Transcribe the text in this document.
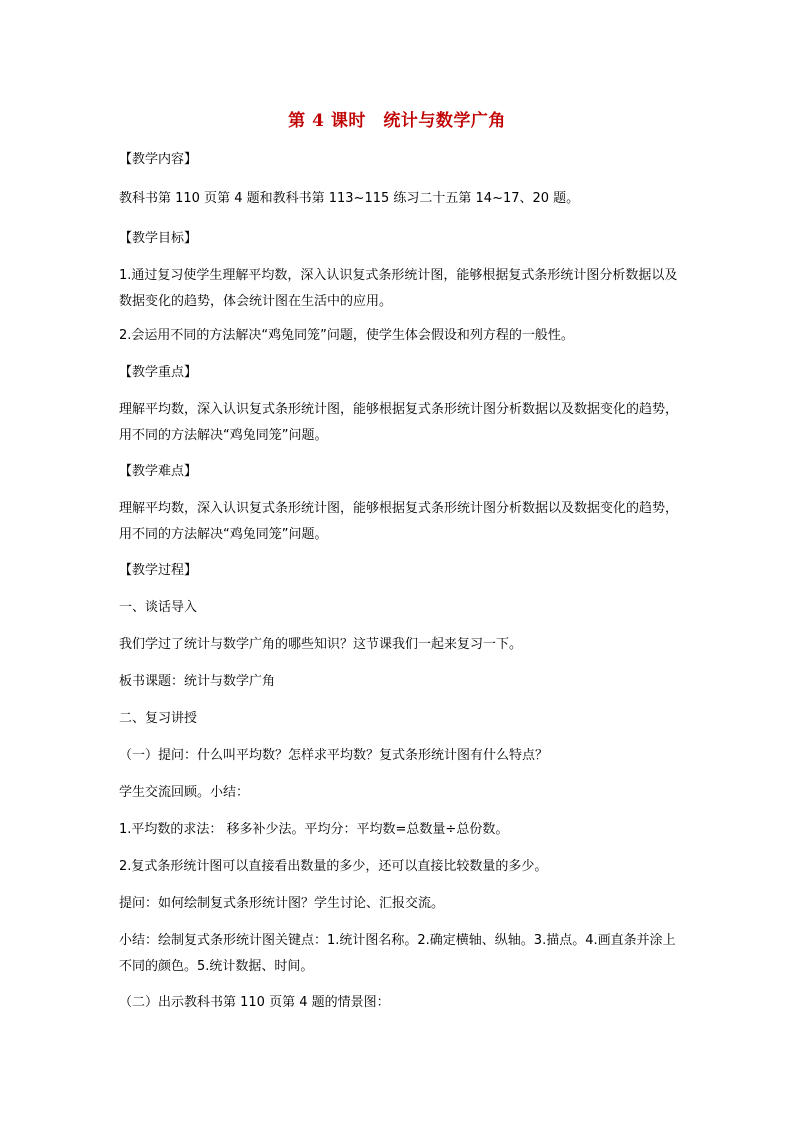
第 4 课时　统计与数学广角
【教学内容】
教科书第 110 页第 4 题和教科书第 113~115 练习二十五第 14~17、20 题。
【教学目标】
1.通过复习使学生理解平均数，深入认识复式条形统计图，能够根据复式条形统计图分析数据以及数据变化的趋势，体会统计图在生活中的应用。
2.会运用不同的方法解决“鸡兔同笼”问题，使学生体会假设和列方程的一般性。
【教学重点】
理解平均数，深入认识复式条形统计图，能够根据复式条形统计图分析数据以及数据变化的趋势，用不同的方法解决“鸡兔同笼”问题。
【教学难点】
理解平均数，深入认识复式条形统计图，能够根据复式条形统计图分析数据以及数据变化的趋势，用不同的方法解决“鸡兔同笼”问题。
【教学过程】
一、谈话导入
我们学过了统计与数学广角的哪些知识？这节课我们一起来复习一下。
板书课题：统计与数学广角
二、复习讲授
（一）提问：什么叫平均数？怎样求平均数？复式条形统计图有什么特点？
学生交流回顾。小结：
1.平均数的求法： 移多补少法。平均分：平均数=总数量÷总份数。
2.复式条形统计图可以直接看出数量的多少，还可以直接比较数量的多少。
提问：如何绘制复式条形统计图？学生讨论、汇报交流。
小结：绘制复式条形统计图关键点：1.统计图名称。2.确定横轴、纵轴。3.描点。4.画直条并涂上不同的颜色。5.统计数据、时间。
（二）出示教科书第 110 页第 4 题的情景图：
